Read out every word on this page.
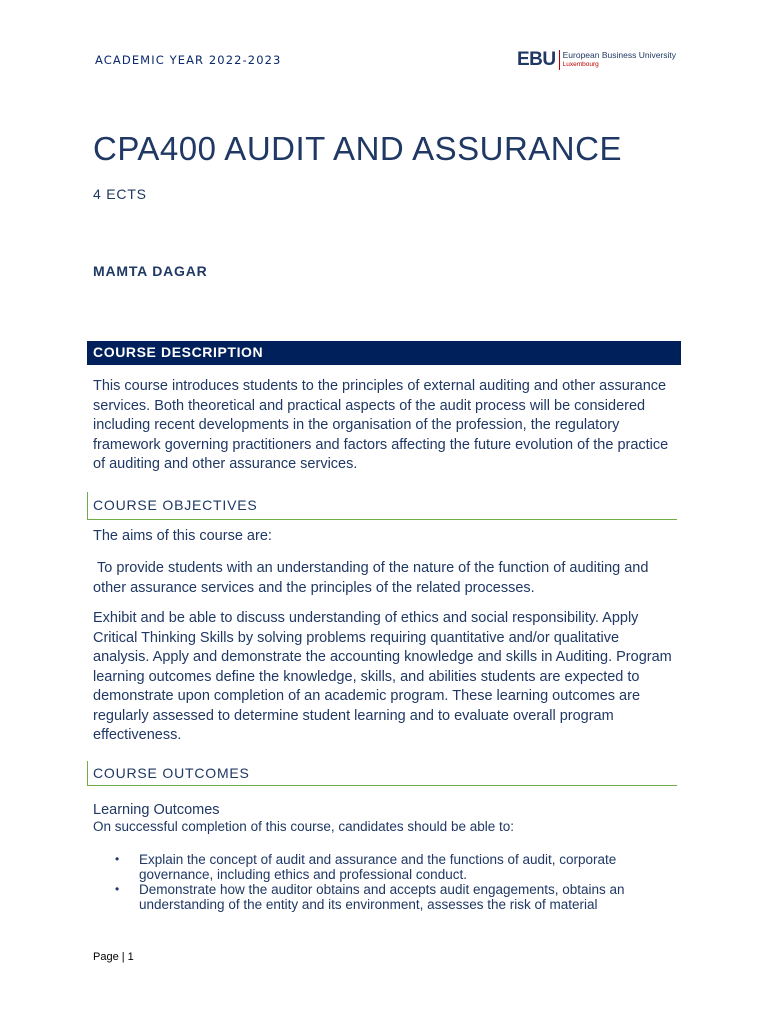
ACADEMIC YEAR 2022-2023	EBU European Business University
Luxembourg
CPA400 AUDIT AND ASSURANCE
4 ECTS
MAMTA DAGAR
COURSE DESCRIPTION
This course introduces students to the principles of external auditing and other assurance services. Both theoretical and practical aspects of the audit process will be considered including recent developments in the organisation of the profession, the regulatory framework governing practitioners and factors affecting the future evolution of the practice of auditing and other assurance services.
COURSE OBJECTIVES
The aims of this course are:
To provide students with an understanding of the nature of the function of auditing and other assurance services and the principles of the related processes.
Exhibit and be able to discuss understanding of ethics and social responsibility. Apply Critical Thinking Skills by solving problems requiring quantitative and/or qualitative analysis. Apply and demonstrate the accounting knowledge and skills in Auditing. Program learning outcomes define the knowledge, skills, and abilities students are expected to demonstrate upon completion of an academic program. These learning outcomes are regularly assessed to determine student learning and to evaluate overall program effectiveness.
COURSE OUTCOMES
Learning Outcomes
On successful completion of this course, candidates should be able to:
• Explain the concept of audit and assurance and the functions of audit, corporate governance, including ethics and professional conduct.
• Demonstrate how the auditor obtains and accepts audit engagements, obtains an understanding of the entity and its environment, assesses the risk of material
Page | 1
